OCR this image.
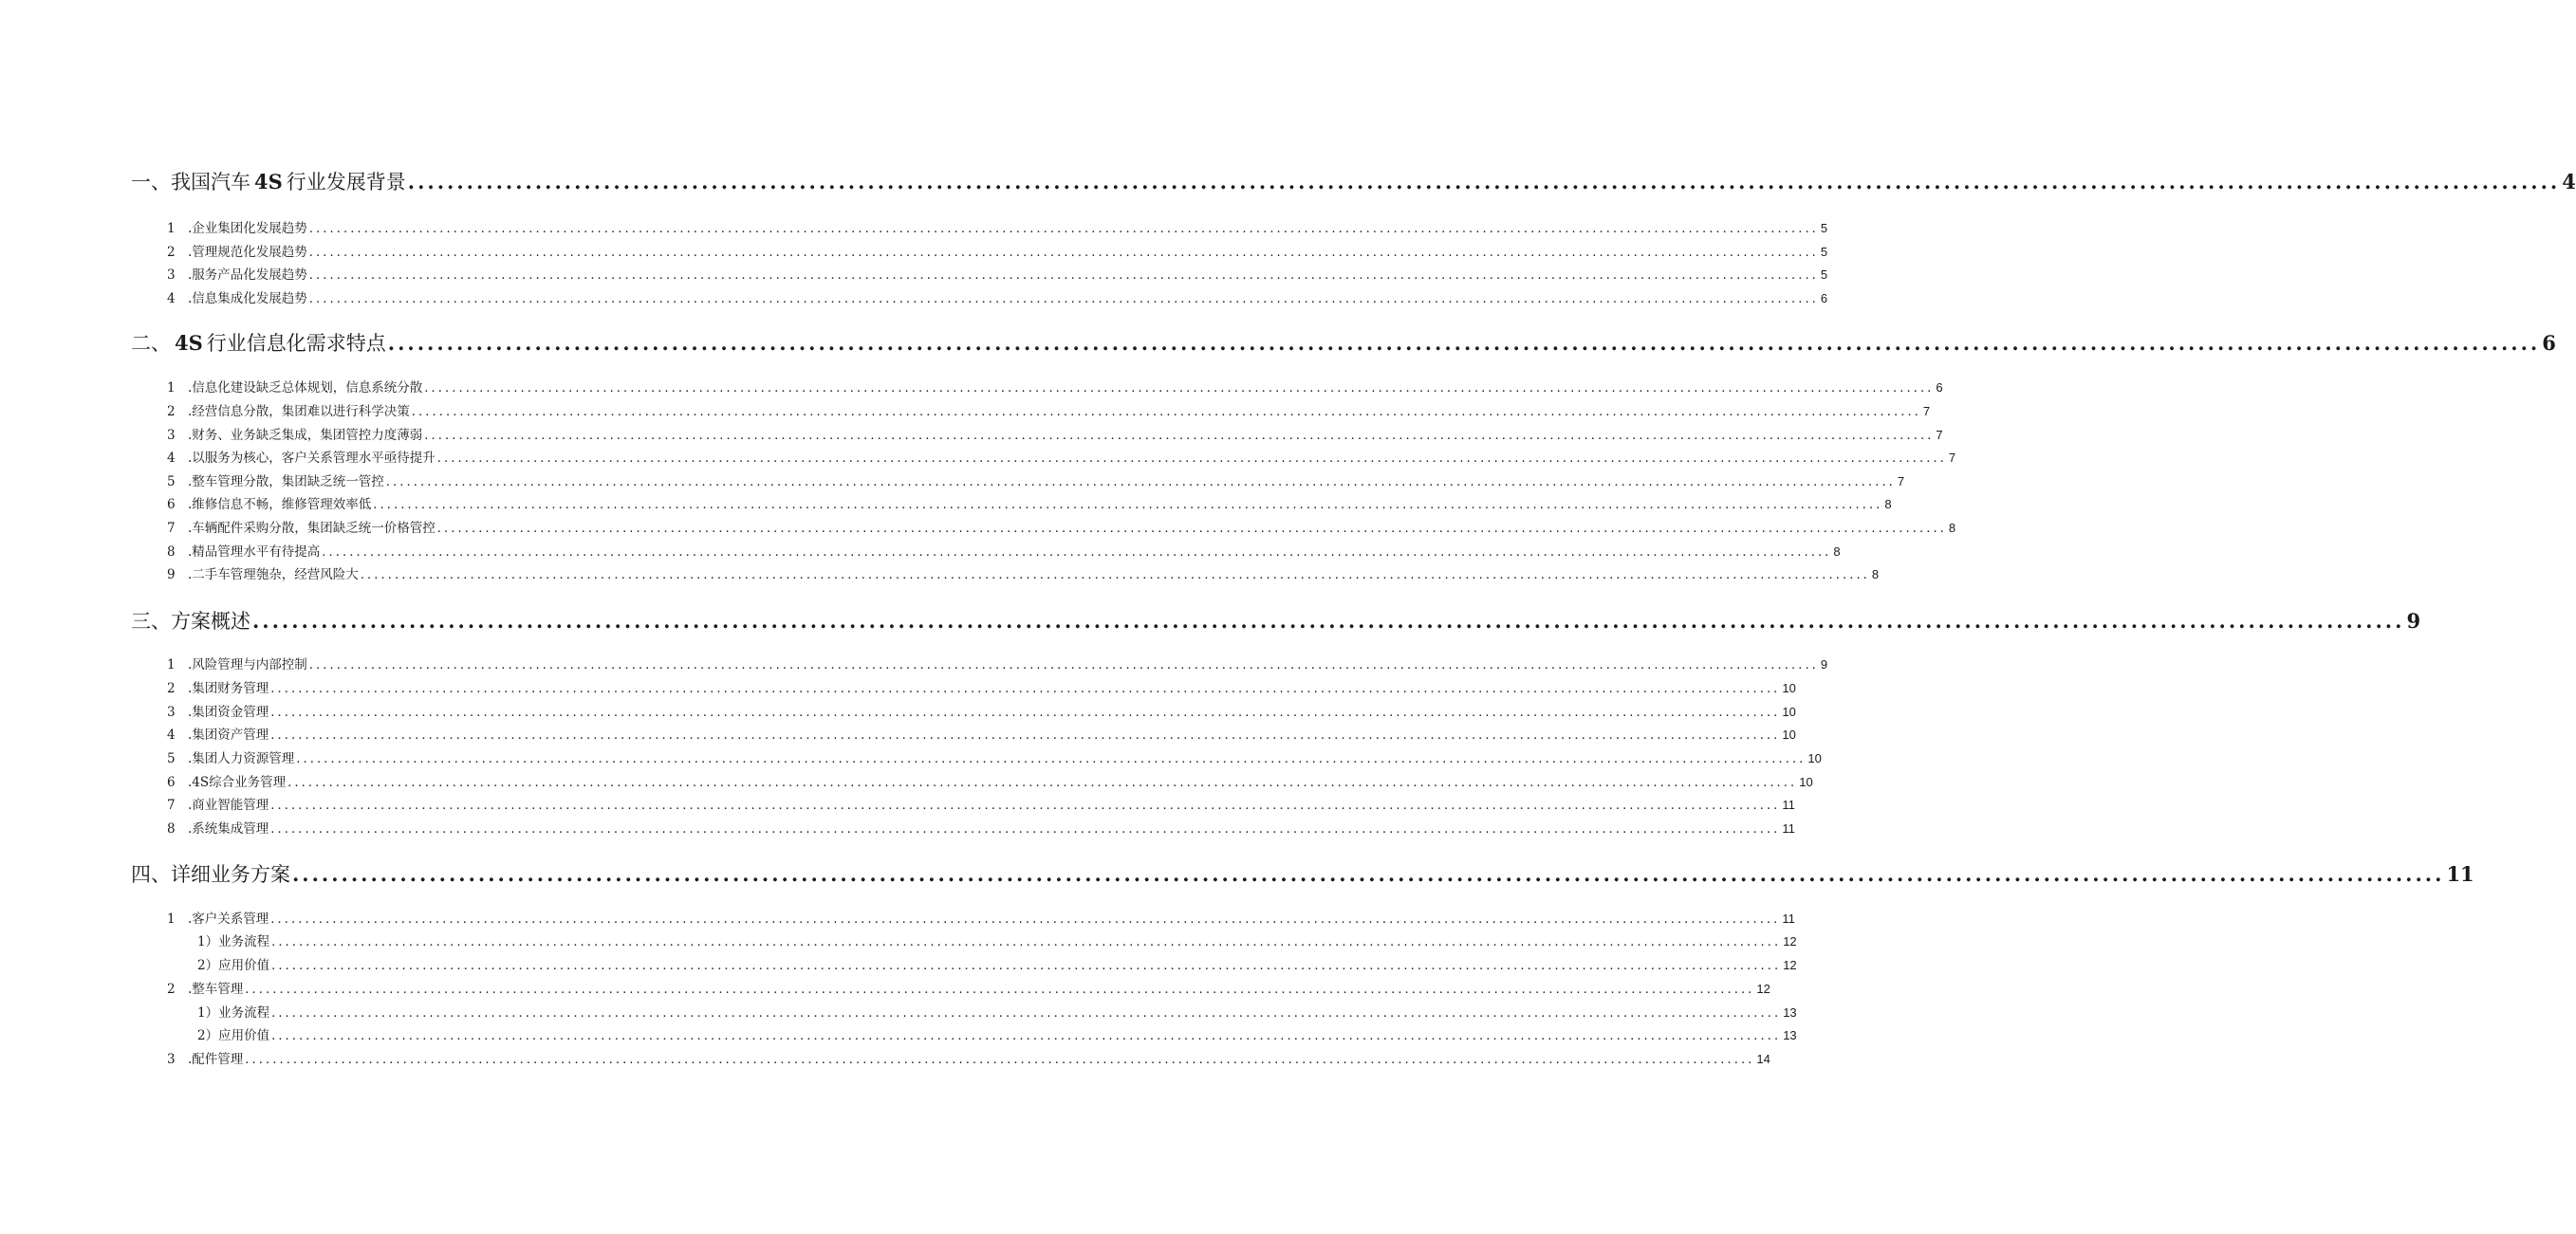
一、我国汽车 4S 行业发展背景 ............................................................................................................................................................................................................................ 4
1 .企业集团化发展趋势 ............................................................................................................................................................................................................................ 5
2 .管理规范化发展趋势 ............................................................................................................................................................................................................................ 5
3 .服务产品化发展趋势 ............................................................................................................................................................................................................................ 5
4 .信息集成化发展趋势 ............................................................................................................................................................................................................................ 6
二、 4S 行业信息化需求特点 ............................................................................................................................................................................................................................ 6
1 .信息化建设缺乏总体规划，信息系统分散 ............................................................................................................................................................................................................................ 6
2 .经营信息分散，集团难以进行科学决策 ............................................................................................................................................................................................................................ 7
3 .财务、业务缺乏集成，集团管控力度薄弱 ............................................................................................................................................................................................................................ 7
4 .以服务为核心，客户关系管理水平亟待提升 ............................................................................................................................................................................................................................ 7
5 .整车管理分散，集团缺乏统一管控 ............................................................................................................................................................................................................................ 7
6 .维修信息不畅，维修管理效率低 ............................................................................................................................................................................................................................ 8
7 .车辆配件采购分散，集团缺乏统一价格管控 ............................................................................................................................................................................................................................ 8
8 .精品管理水平有待提高 ............................................................................................................................................................................................................................ 8
9 .二手车管理匏杂，经营风险大 ............................................................................................................................................................................................................................ 8
三、方案概述 ............................................................................................................................................................................................................................ 9
1 .风险管理与内部控制 ............................................................................................................................................................................................................................ 9
2 .集团财务管理 ............................................................................................................................................................................................................................ 10
3 .集团资金管理 ............................................................................................................................................................................................................................ 10
4 .集团资产管理 ............................................................................................................................................................................................................................ 10
5 .集团人力资源管理 ............................................................................................................................................................................................................................ 10
6 .4S综合业务管理 ............................................................................................................................................................................................................................ 10
7 .商业智能管理 ............................................................................................................................................................................................................................ 11
8 .系统集成管理 ............................................................................................................................................................................................................................ 11
四、详细业务方案 ............................................................................................................................................................................................................................ 11
1 .客户关系管理 ............................................................................................................................................................................................................................ 11
1）业务流程 ............................................................................................................................................................................................................................ 12
2）应用价值 ............................................................................................................................................................................................................................ 12
2 .整车管理 ............................................................................................................................................................................................................................ 12
1）业务流程 ............................................................................................................................................................................................................................ 13
2）应用价值 ............................................................................................................................................................................................................................ 13
3 .配件管理 ............................................................................................................................................................................................................................ 14
